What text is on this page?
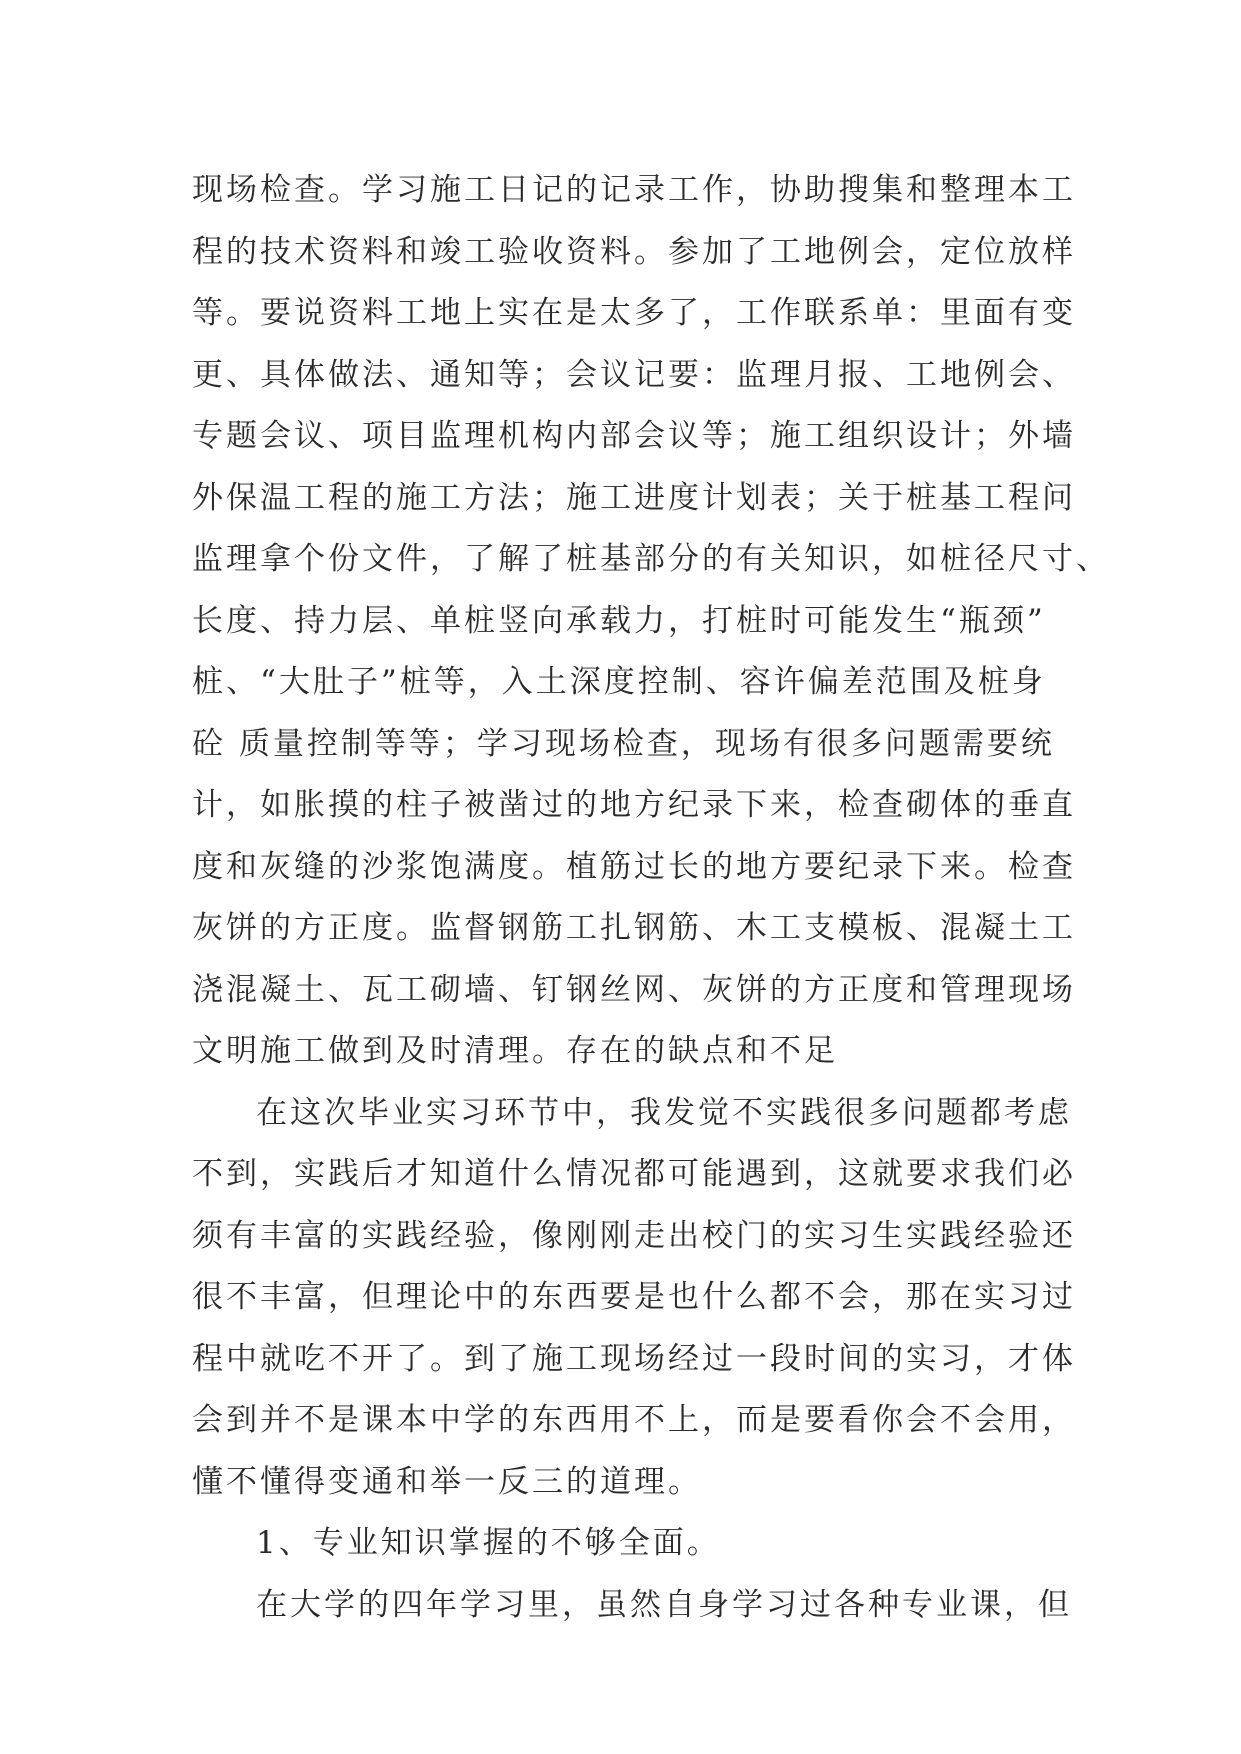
现场检查。学习施工日记的记录工作，协助搜集和整理本工
程的技术资料和竣工验收资料。参加了工地例会，定位放样
等。要说资料工地上实在是太多了，工作联系单：里面有变
更、具体做法、通知等；会议记要：监理月报、工地例会、
专题会议、项目监理机构内部会议等；施工组织设计；外墙
外保温工程的施工方法；施工进度计划表；关于桩基工程问
监理拿个份文件，了解了桩基部分的有关知识，如桩径尺寸、
长度、持力层、单桩竖向承载力，打桩时可能发生“瓶颈”
桩、“大肚子”桩等，入土深度控制、容许偏差范围及桩身
砼 质量控制等等；学习现场检查，现场有很多问题需要统
计，如胀摸的柱子被凿过的地方纪录下来，检查砌体的垂直
度和灰缝的沙浆饱满度。植筋过长的地方要纪录下来。检查
灰饼的方正度。监督钢筋工扎钢筋、木工支模板、混凝土工
浇混凝土、瓦工砌墙、钉钢丝网、灰饼的方正度和管理现场
文明施工做到及时清理。存在的缺点和不足
在这次毕业实习环节中，我发觉不实践很多问题都考虑
不到，实践后才知道什么情况都可能遇到，这就要求我们必
须有丰富的实践经验，像刚刚走出校门的实习生实践经验还
很不丰富，但理论中的东西要是也什么都不会，那在实习过
程中就吃不开了。到了施工现场经过一段时间的实习，才体
会到并不是课本中学的东西用不上，而是要看你会不会用，
懂不懂得变通和举一反三的道理。
1、专业知识掌握的不够全面。
在大学的四年学习里，虽然自身学习过各种专业课，但
